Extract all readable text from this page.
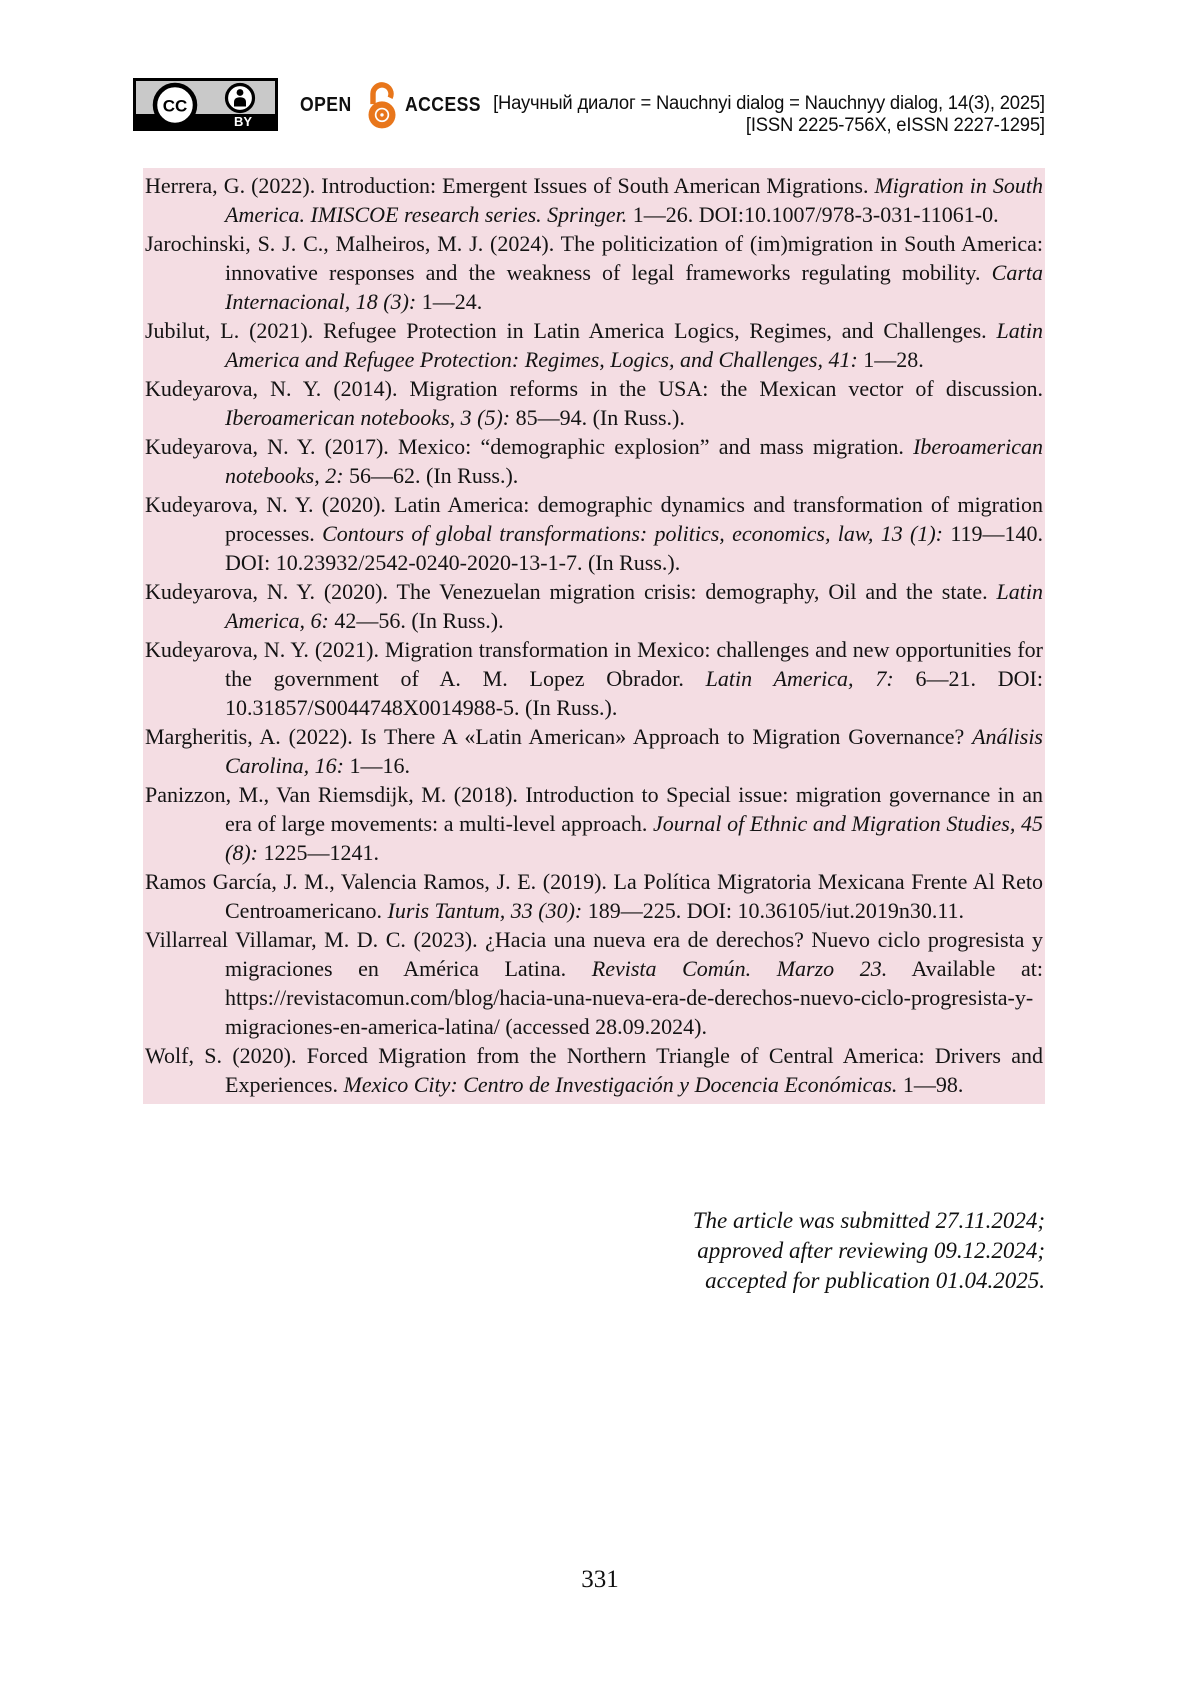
CC
BY
OPEN	ACCESS [Научный диалог = Nauchnyi dialog = Nauchnyy dialog, 14(3), 2025]
[ISSN 2225-756X, eISSN 2227-1295]

Herrera, G. (2022). Introduction: Emergent Issues of South American Migrations. Migration in South America. IMISCOE research series. Springer. 1—26. DOI:10.1007/978-3-031-11061-0.

Jarochinski, S. J. C., Malheiros, M. J. (2024). The politicization of (im)migration in South America: innovative responses and the weakness of legal frameworks regulating mobility. Carta Internacional, 18 (3): 1—24.

Jubilut, L. (2021). Refugee Protection in Latin America Logics, Regimes, and Challenges. Latin America and Refugee Protection: Regimes, Logics, and Challenges, 41: 1—28.

Kudeyarova, N. Y. (2014). Migration reforms in the USA: the Mexican vector of discussion. Iberoamerican notebooks, 3 (5): 85—94. (In Russ.).

Kudeyarova, N. Y. (2017). Mexico: “demographic explosion” and mass migration. Iberoamerican notebooks, 2: 56—62. (In Russ.).

Kudeyarova, N. Y. (2020). Latin America: demographic dynamics and transformation of migration processes. Contours of global transformations: politics, economics, law, 13 (1): 119—140. DOI: 10.23932/2542-0240-2020-13-1-7. (In Russ.).

Kudeyarova, N. Y. (2020). The Venezuelan migration crisis: demography, Oil and the state. Latin America, 6: 42—56. (In Russ.).

Kudeyarova, N. Y. (2021). Migration transformation in Mexico: challenges and new opportunities for the government of A. M. Lopez Obrador. Latin America, 7: 6—21. DOI: 10.31857/S0044748X0014988-5. (In Russ.).

Margheritis, A. (2022). Is There A «Latin American» Approach to Migration Governance? Análisis Carolina, 16: 1—16.

Panizzon, M., Van Riemsdijk, M. (2018). Introduction to Special issue: migration governance in an era of large movements: a multi-level approach. Journal of Ethnic and Migration Studies, 45 (8): 1225—1241.

Ramos García, J. M., Valencia Ramos, J. E. (2019). La Política Migratoria Mexicana Frente Al Reto Centroamericano. Iuris Tantum, 33 (30): 189—225. DOI: 10.36105/iut.2019n30.11.

Villarreal Villamar, M. D. C. (2023). ¿Hacia una nueva era de derechos? Nuevo ciclo progresista y migraciones en América Latina. Revista Común. Marzo 23. Available at: https://revistacomun.com/blog/hacia-una-nueva-era-de-derechos-nuevo-ciclo-progresista-y-migraciones-en-america-latina/ (accessed 28.09.2024).

Wolf, S. (2020). Forced Migration from the Northern Triangle of Central America: Drivers and Experiences. Mexico City: Centro de Investigación y Docencia Económicas. 1—98.

The article was submitted 27.11.2024;
approved after reviewing 09.12.2024;
accepted for publication 01.04.2025.
331
